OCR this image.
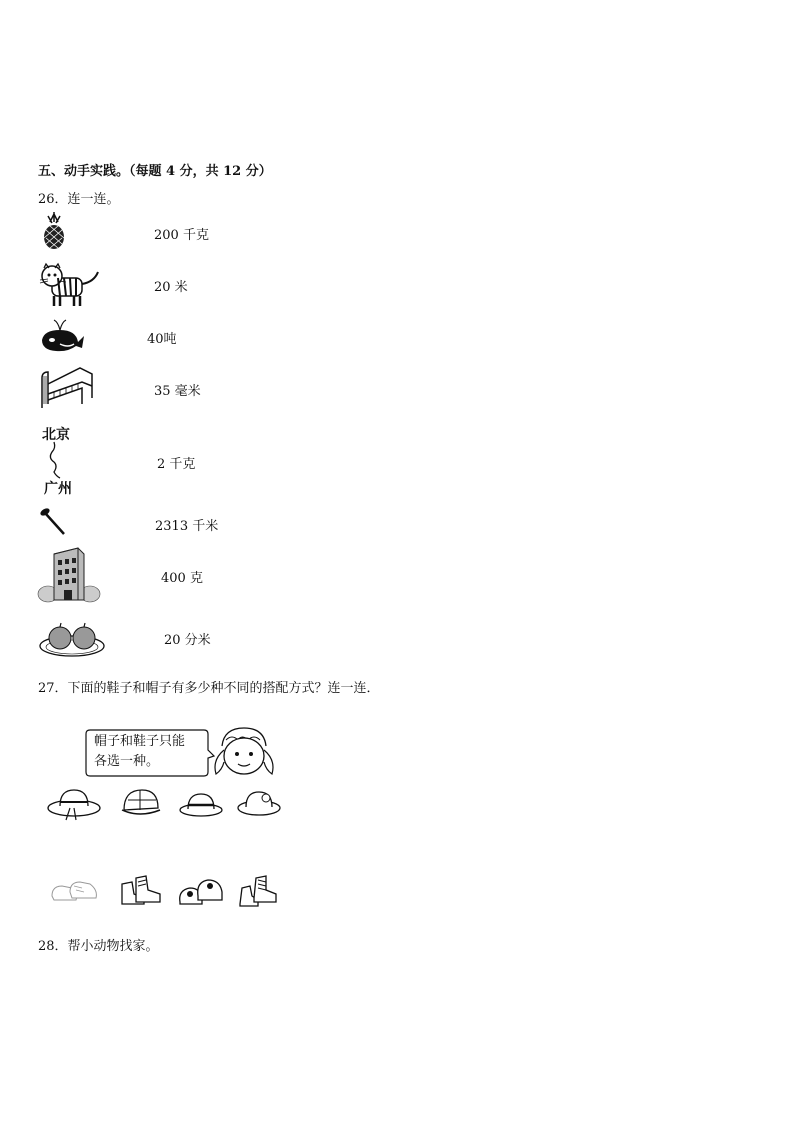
五、动手实践。（每题 4 分，共 12 分）
26．连一连。
200 千克
20 米
40吨
35 毫米
北京
广州
2 千克
2313 千米
400 克
20 分米
27．下面的鞋子和帽子有多少种不同的搭配方式？连一连．
帽子和鞋子只能
各选一种。
28．帮小动物找家。
